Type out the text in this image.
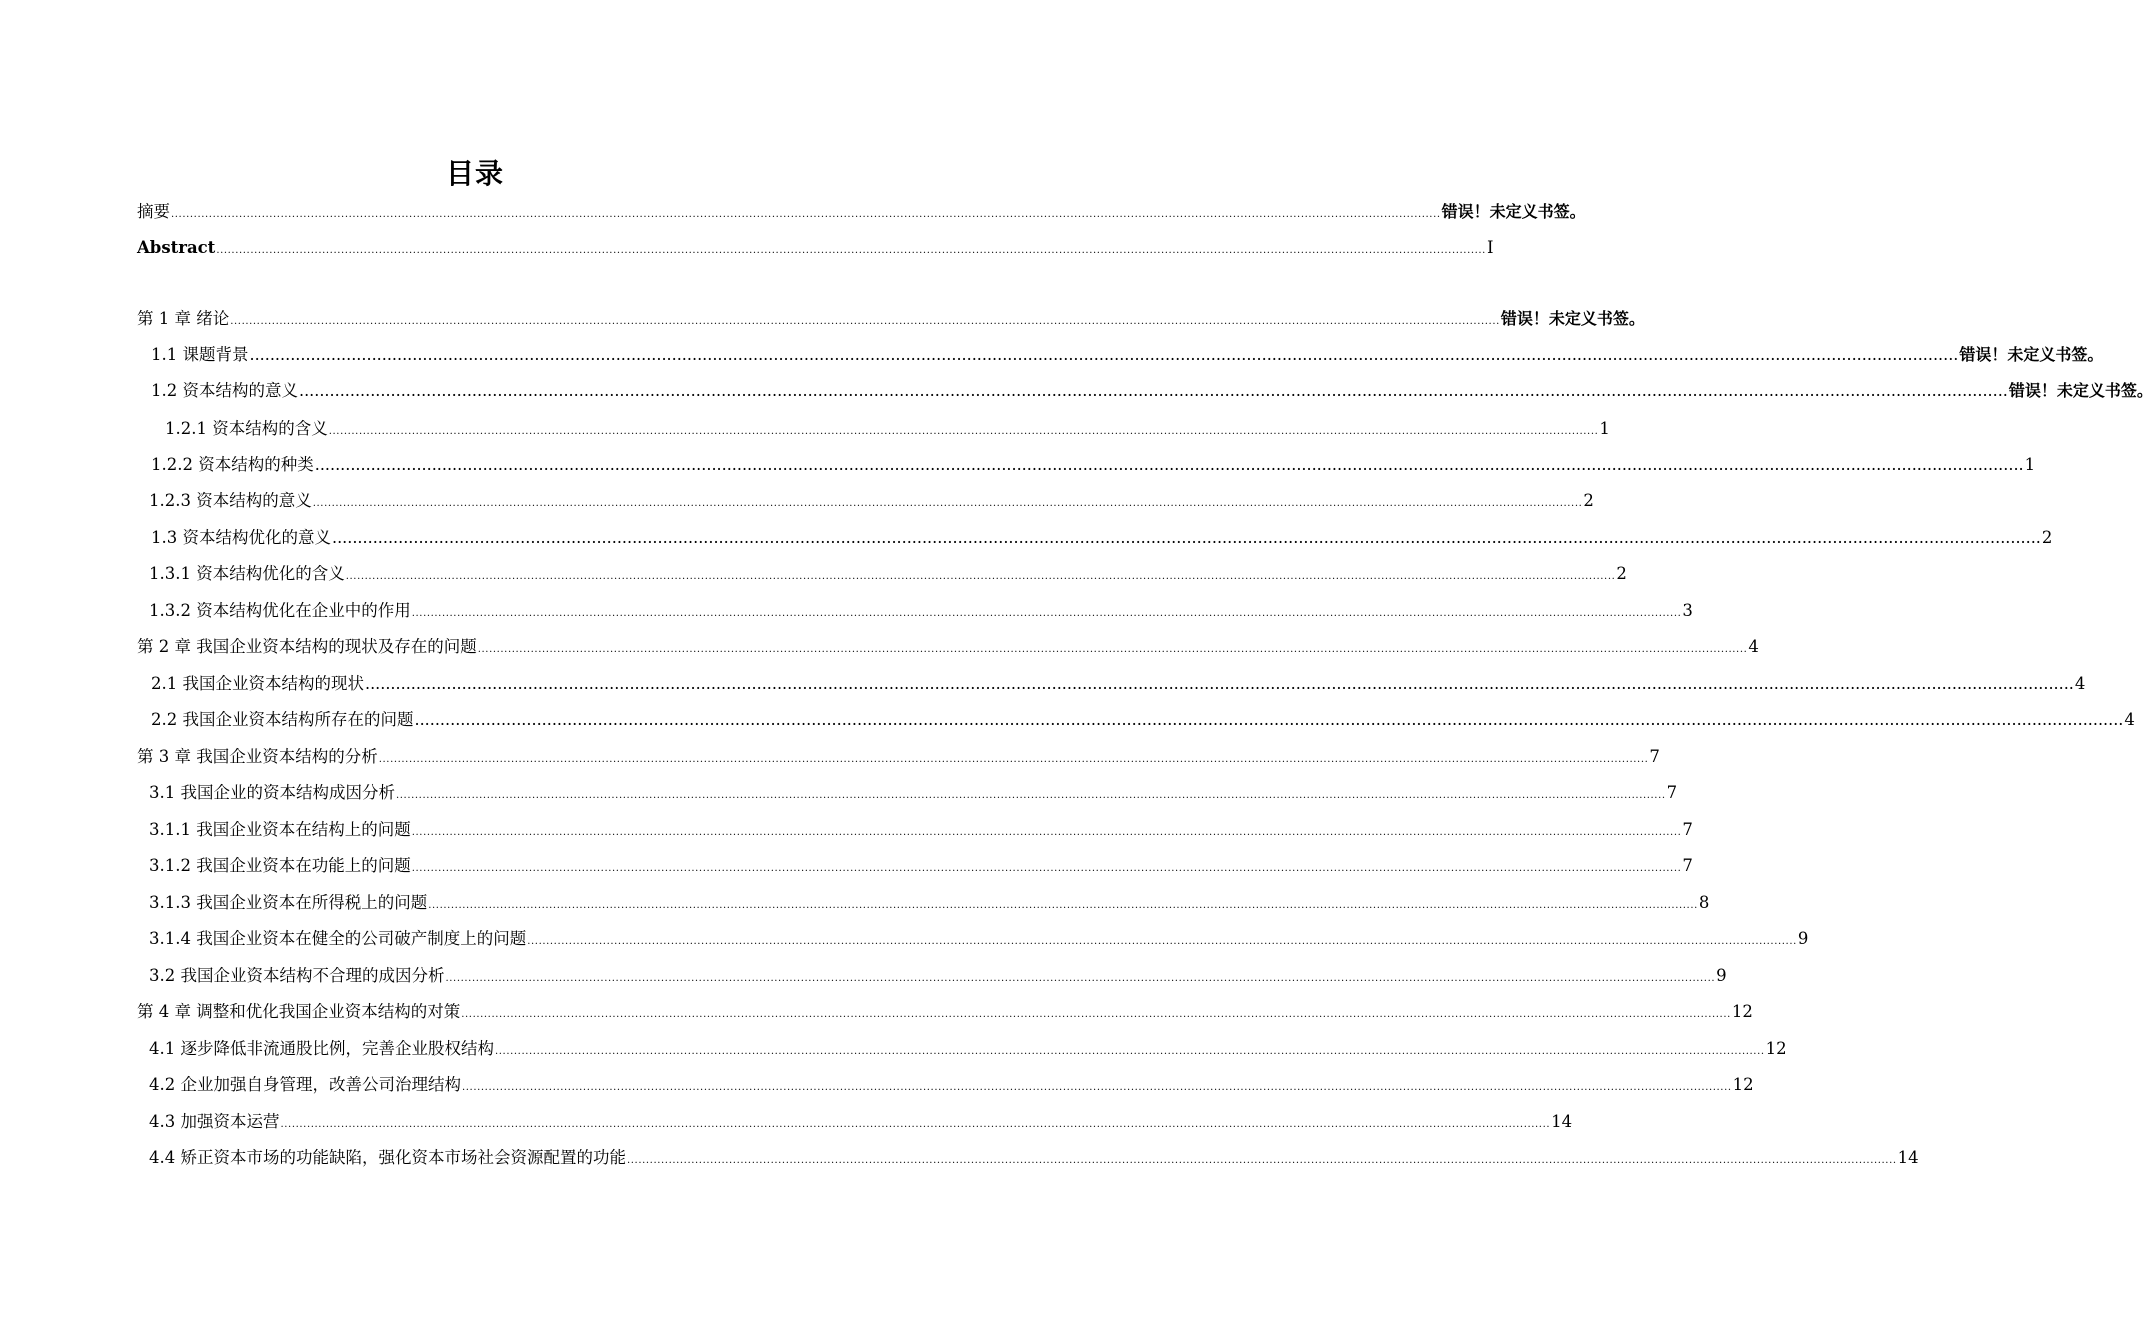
目录
摘要 ................................................................................................................................................................................................................................................................................................................................................ 错误！未定义书签。
Abstract ................................................................................................................................................................................................................................................................................................................................................ I
第 1 章 绪论 ................................................................................................................................................................................................................................................................................................................................................ 错误！未定义书签。
1.1 课题背景 ................................................................................................................................................................................................................................................................................................................................................ 错误！未定义书签。
1.2 资本结构的意义 ................................................................................................................................................................................................................................................................................................................................................ 错误！未定义书签。
1.2.1 资本结构的含义 ................................................................................................................................................................................................................................................................................................................................................ 1
1.2.2 资本结构的种类 ................................................................................................................................................................................................................................................................................................................................................ 1
1.2.3 资本结构的意义 ................................................................................................................................................................................................................................................................................................................................................ 2
1.3 资本结构优化的意义 ................................................................................................................................................................................................................................................................................................................................................ 2
1.3.1 资本结构优化的含义 ................................................................................................................................................................................................................................................................................................................................................ 2
1.3.2 资本结构优化在企业中的作用 ................................................................................................................................................................................................................................................................................................................................................ 3
第 2 章 我国企业资本结构的现状及存在的问题 ................................................................................................................................................................................................................................................................................................................................................ 4
2.1 我国企业资本结构的现状 ................................................................................................................................................................................................................................................................................................................................................ 4
2.2 我国企业资本结构所存在的问题 ................................................................................................................................................................................................................................................................................................................................................ 4
第 3 章 我国企业资本结构的分析 ................................................................................................................................................................................................................................................................................................................................................ 7
3.1 我国企业的资本结构成因分析 ................................................................................................................................................................................................................................................................................................................................................ 7
3.1.1 我国企业资本在结构上的问题 ................................................................................................................................................................................................................................................................................................................................................ 7
3.1.2 我国企业资本在功能上的问题 ................................................................................................................................................................................................................................................................................................................................................ 7
3.1.3 我国企业资本在所得税上的问题 ................................................................................................................................................................................................................................................................................................................................................ 8
3.1.4 我国企业资本在健全的公司破产制度上的问题 ................................................................................................................................................................................................................................................................................................................................................ 9
3.2 我国企业资本结构不合理的成因分析 ................................................................................................................................................................................................................................................................................................................................................ 9
第 4 章 调整和优化我国企业资本结构的对策 ................................................................................................................................................................................................................................................................................................................................................ 12
4.1 逐步降低非流通股比例，完善企业股权结构 ................................................................................................................................................................................................................................................................................................................................................ 12
4.2 企业加强自身管理，改善公司治理结构 ................................................................................................................................................................................................................................................................................................................................................ 12
4.3 加强资本运营 ................................................................................................................................................................................................................................................................................................................................................ 14
4.4 矫正资本市场的功能缺陷，强化资本市场社会资源配置的功能 ................................................................................................................................................................................................................................................................................................................................................ 14
